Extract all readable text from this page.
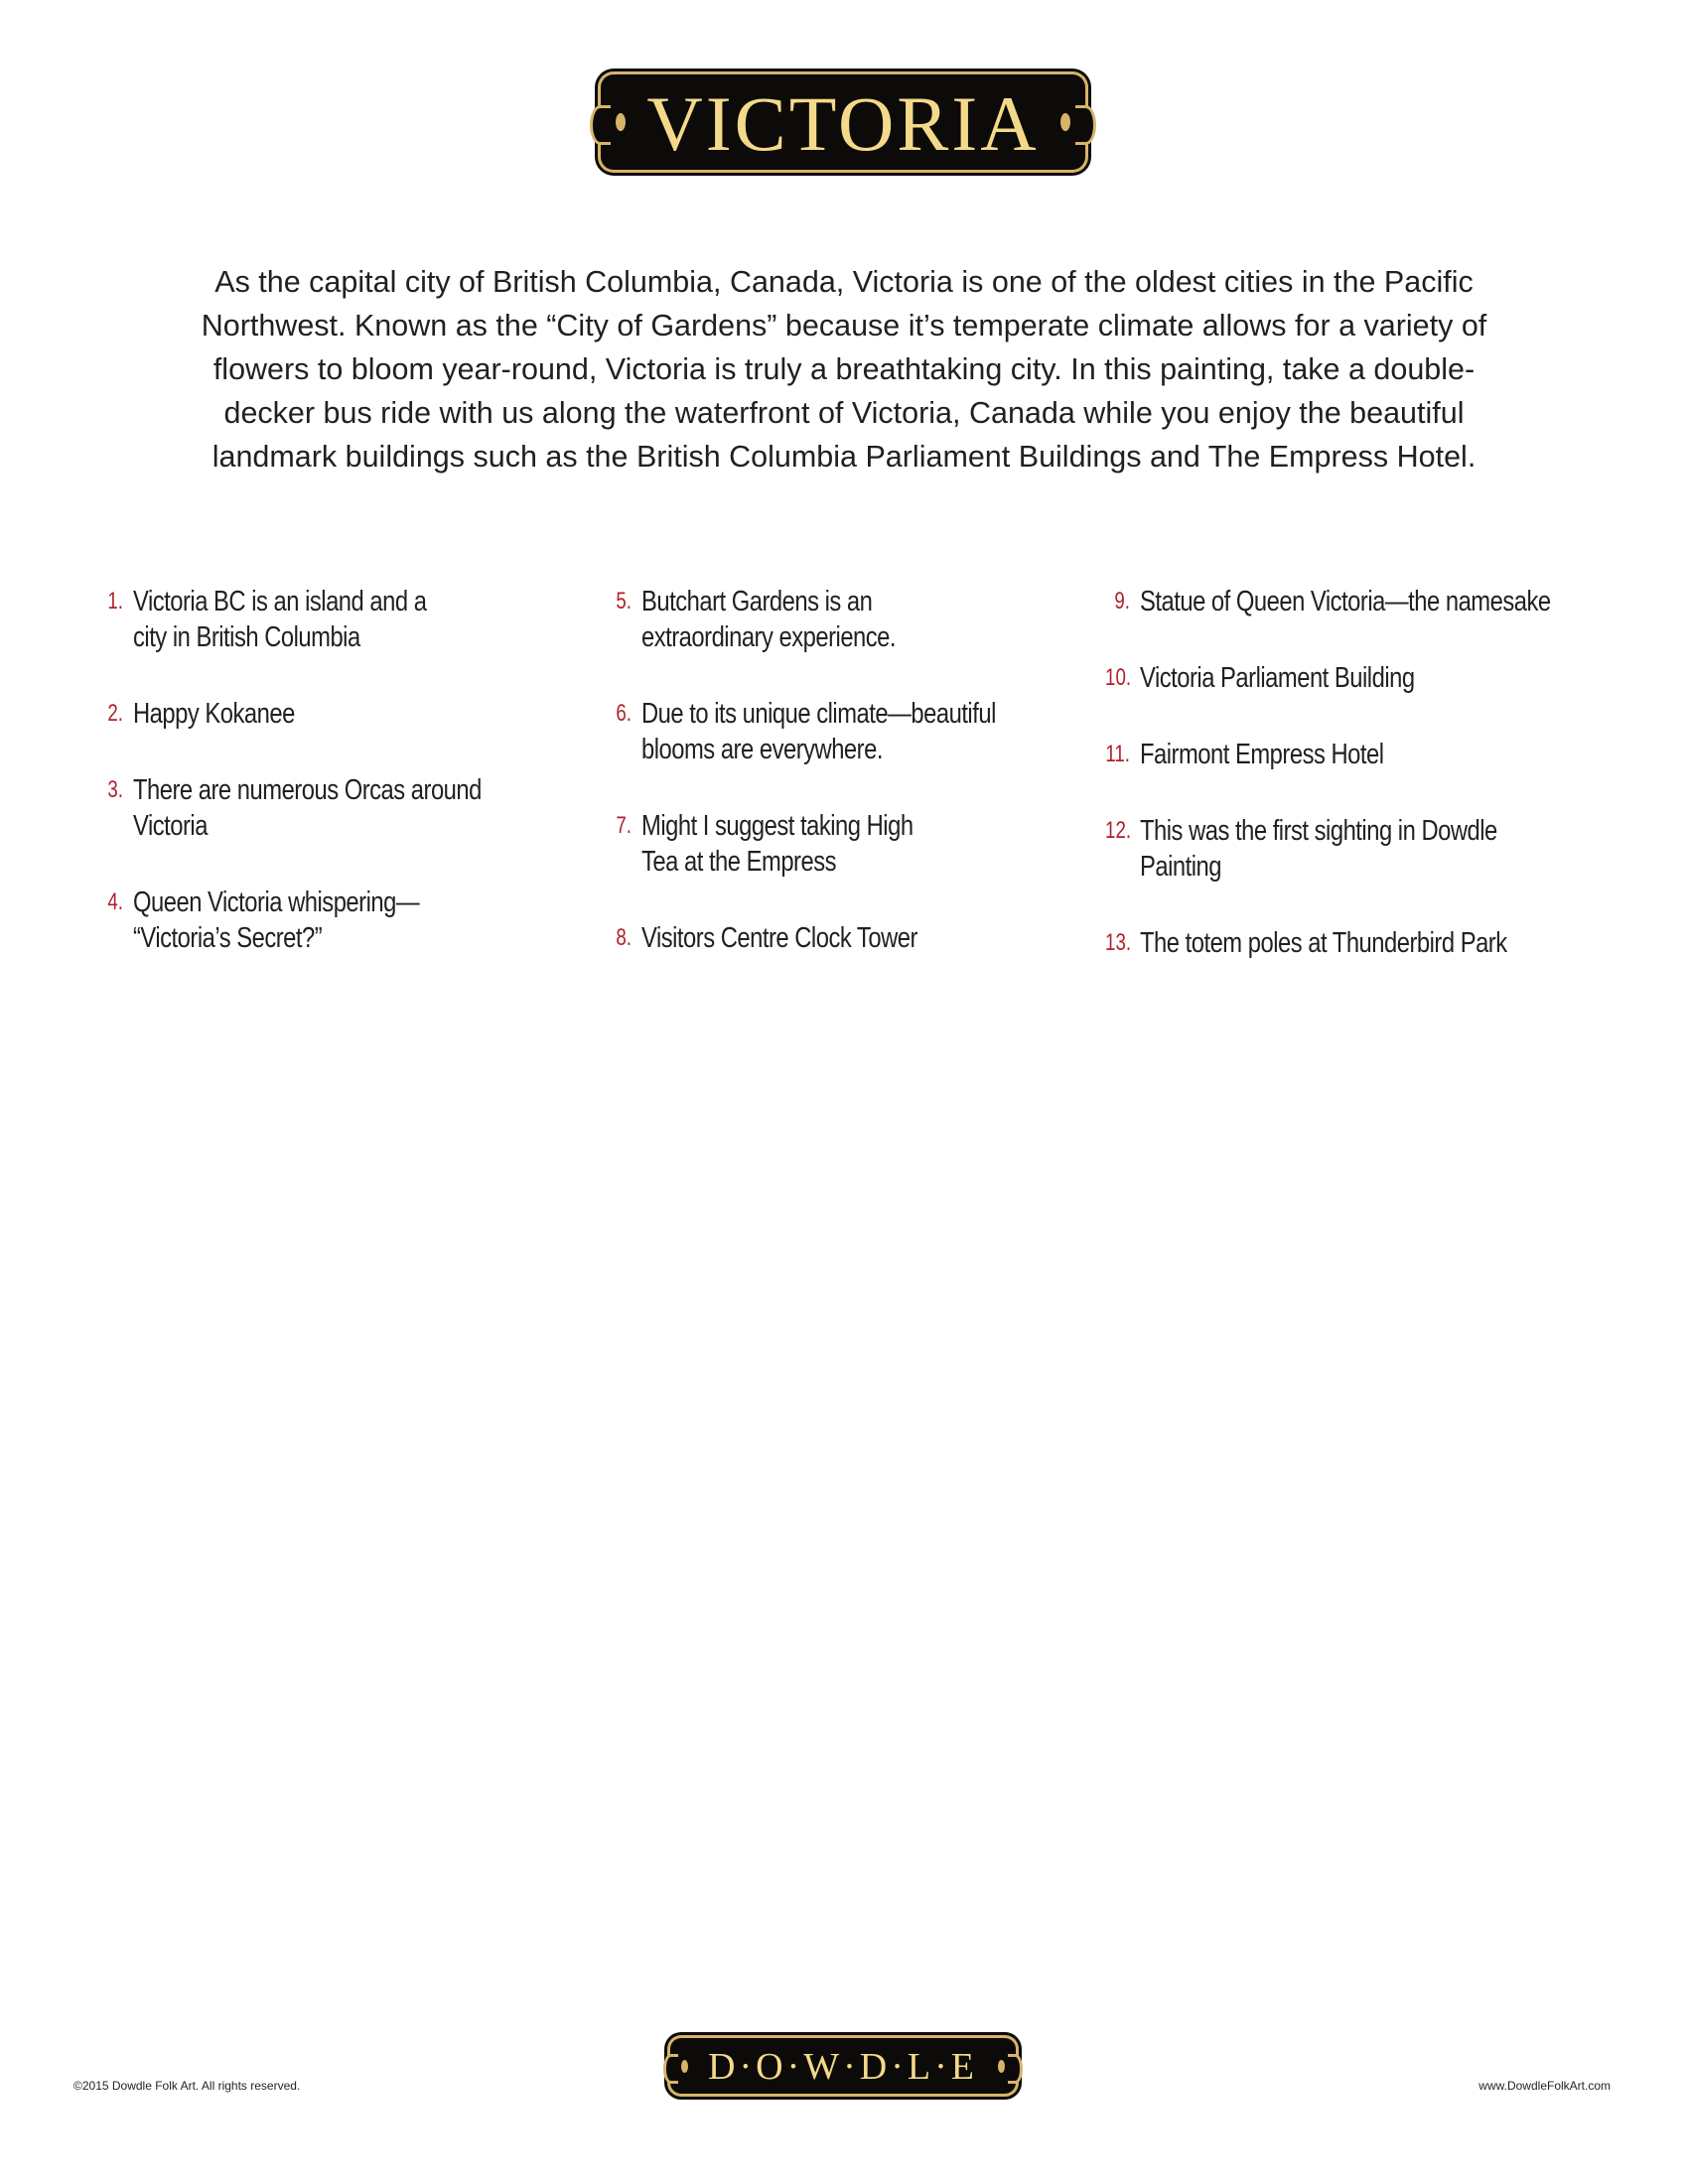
VICTORIA

As the capital city of British Columbia, Canada, Victoria is one of the oldest cities in the Pacific Northwest. Known as the “City of Gardens” because it’s temperate climate allows for a variety of flowers to bloom year-round, Victoria is truly a breathtaking city. In this painting, take a double-decker bus ride with us along the waterfront of Victoria, Canada while you enjoy the beautiful landmark buildings such as the British Columbia Parliament Buildings and The Empress Hotel.

1. Victoria BC is an island and a
city in British Columbia
2. Happy Kokanee
3. There are numerous Orcas around Victoria
4. Queen Victoria whispering—
“Victoria’s Secret?”
5. Butchart Gardens is an
extraordinary experience.
6. Due to its unique climate—beautiful
blooms are everywhere.
7. Might I suggest taking High
Tea at the Empress
8. Visitors Centre Clock Tower
9. Statue of Queen Victoria—the namesake
10. Victoria Parliament Building
11. Fairmont Empress Hotel
12. This was the first sighting in Dowdle Painting
13. The totem poles at Thunderbird Park
©2015 Dowdle Folk Art. All rights reserved.	D·O·W·D·L·E	www.DowdleFolkArt.com
